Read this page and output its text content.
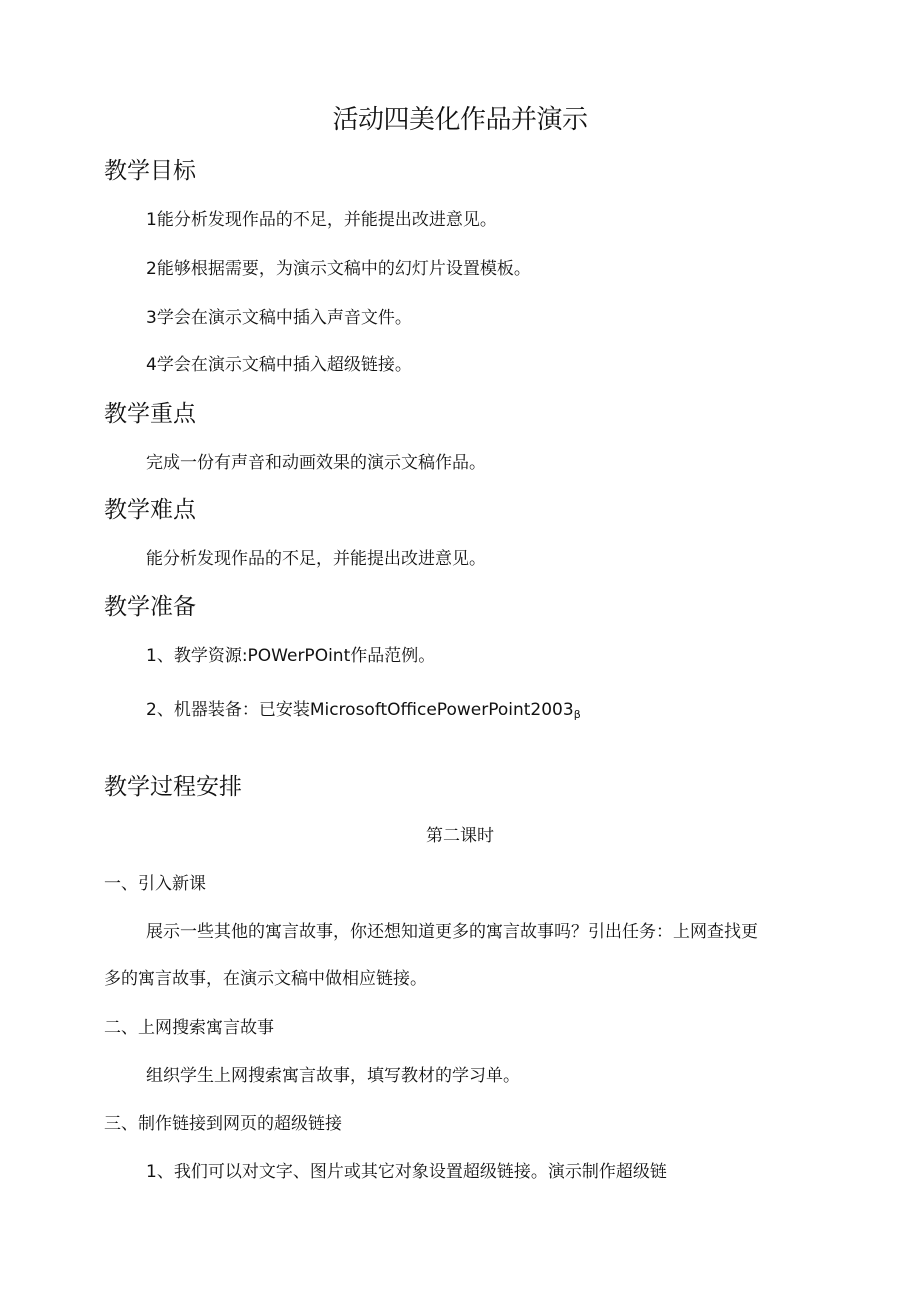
活动四美化作品并演示
教学目标
1能分析发现作品的不足，并能提出改进意见。
2能够根据需要，为演示文稿中的幻灯片设置模板。
3学会在演示文稿中插入声音文件。
4学会在演示文稿中插入超级链接。
教学重点
完成一份有声音和动画效果的演示文稿作品。
教学难点
能分析发现作品的不足，并能提出改进意见。
教学准备
1、教学资源:POWerPOint作品范例。
2、机器装备：已安装$MicrosoftOfficePowerPoint2003_\beta$
教学过程安排
第二课时
一、引入新课
展示一些其他的寓言故事，你还想知道更多的寓言故事吗？引出任务：上网查找更
多的寓言故事，在演示文稿中做相应链接。
二、上网搜索寓言故事
组织学生上网搜索寓言故事，填写教材的学习单。
三、制作链接到网页的超级链接
1、我们可以对文字、图片或其它对象设置超级链接。演示制作超级链
